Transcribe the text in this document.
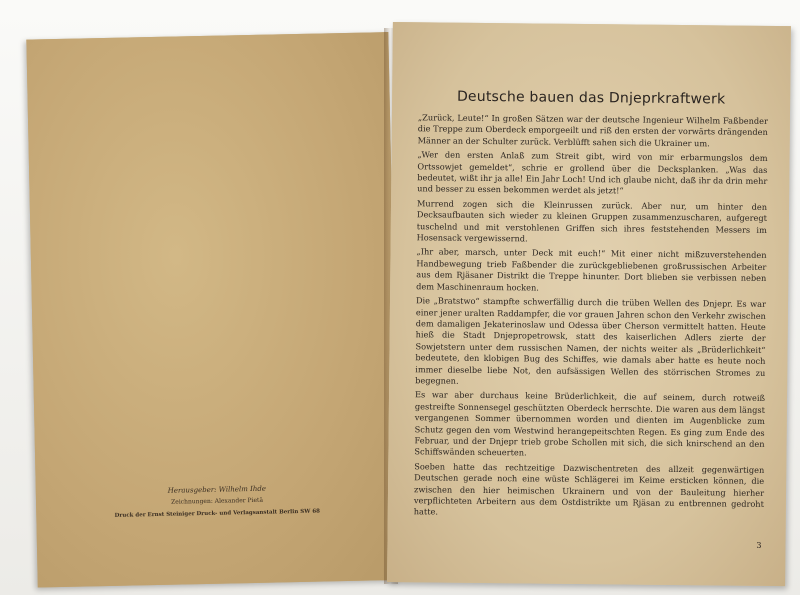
Herausgeber: Wilhelm Ihde
Zeichnungen: Alexander Pietä
Druck der Ernst Steiniger Druck- und Verlagsanstalt Berlin SW 68
Deutsche bauen das Dnjeprkraftwerk

„Zurück, Leute!“ In großen Sätzen war der deutsche Ingenieur Wilhelm Faßbender die Treppe zum Oberdeck emporgeeilt und riß den ersten der vorwärts drängenden Männer an der Schulter zurück. Verblüfft sahen sich die Ukrainer um.

„Wer den ersten Anlaß zum Streit gibt, wird von mir erbarmungslos dem Ortssowjet gemeldet“, schrie er grollend über die Decksplanken. „Was das bedeutet, wißt ihr ja alle! Ein Jahr Loch! Und ich glaube nicht, daß ihr da drin mehr und besser zu essen bekommen werdet als jetzt!“

Murrend zogen sich die Kleinrussen zurück. Aber nur, um hinter den Decksaufbauten sich wieder zu kleinen Gruppen zusammenzuscharen, aufgeregt tuschelnd und mit verstohlenen Griffen sich ihres feststehenden Messers im Hosensack vergewissernd.

„Ihr aber, marsch, unter Deck mit euch!“ Mit einer nicht mißzuverstehenden Handbewegung trieb Faßbender die zurückgebliebenen großrussischen Arbeiter aus dem Rjäsaner Distrikt die Treppe hinunter. Dort blieben sie verbissen neben dem Maschinenraum hocken.

Die „Bratstwo“ stampfte schwerfällig durch die trüben Wellen des Dnjepr. Es war einer jener uralten Raddampfer, die vor grauen Jahren schon den Verkehr zwischen dem damaligen Jekaterinoslaw und Odessa über Cherson vermittelt hatten. Heute hieß die Stadt Dnjepropetrowsk, statt des kaiserlichen Adlers zierte der Sowjetstern unter dem russischen Namen, der nichts weiter als „Brüderlichkeit“ bedeutete, den klobigen Bug des Schiffes, wie damals aber hatte es heute noch immer dieselbe liebe Not, den aufsässigen Wellen des störrischen Stromes zu begegnen.

Es war aber durchaus keine Brüderlichkeit, die auf seinem, durch rotweiß gestreifte Sonnensegel geschützten Oberdeck herrschte. Die waren aus dem längst vergangenen Sommer übernommen worden und dienten im Augenblicke zum Schutz gegen den vom Westwind herangepeitschten Regen. Es ging zum Ende des Februar, und der Dnjepr trieb grobe Schollen mit sich, die sich knirschend an den Schiffswänden scheuerten.

Soeben hatte das rechtzeitige Dazwischentreten des allzeit gegenwärtigen Deutschen gerade noch eine wüste Schlägerei im Keime ersticken können, die zwischen den hier heimischen Ukrainern und von der Bauleitung hierher verpflichteten Arbeitern aus dem Ostdistrikte um Rjäsan zu entbrennen gedroht hatte.

3
